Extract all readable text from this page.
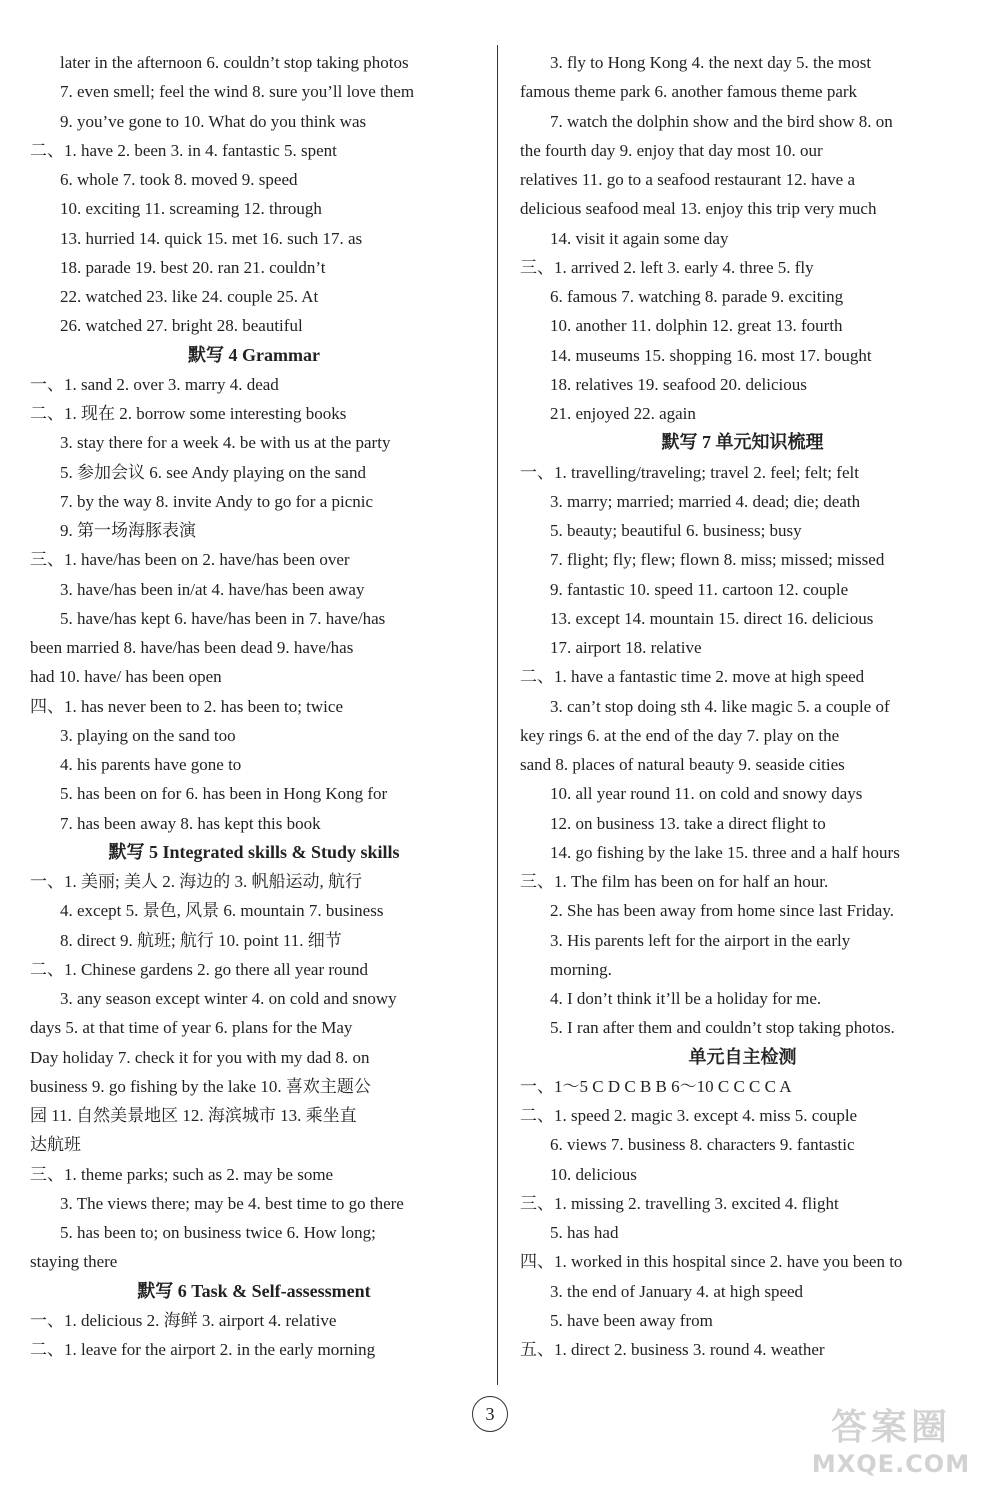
later in the afternoon 6. couldn’t stop taking photos
7. even smell; feel the wind 8. sure you’ll love them
9. you’ve gone to 10. What do you think was
二、1. have 2. been 3. in 4. fantastic 5. spent
6. whole 7. took 8. moved 9. speed
10. exciting 11. screaming 12. through
13. hurried 14. quick 15. met 16. such 17. as
18. parade 19. best 20. ran 21. couldn’t
22. watched 23. like 24. couple 25. At
26. watched 27. bright 28. beautiful
默写 4 Grammar
一、1. sand 2. over 3. marry 4. dead
二、1. 现在 2. borrow some interesting books
3. stay there for a week 4. be with us at the party
5. 参加会议 6. see Andy playing on the sand
7. by the way 8. invite Andy to go for a picnic
9. 第一场海豚表演
三、1. have/has been on 2. have/has been over
3. have/has been in/at 4. have/has been away
5. have/has kept 6. have/has been in 7. have/has
been married 8. have/has been dead 9. have/has
had 10. have/ has been open
四、1. has never been to 2. has been to; twice
3. playing on the sand too
4. his parents have gone to
5. has been on for 6. has been in Hong Kong for
7. has been away 8. has kept this book
默写 5 Integrated skills & Study skills
一、1. 美丽; 美人 2. 海边的 3. 帆船运动, 航行
4. except 5. 景色, 风景 6. mountain 7. business
8. direct 9. 航班; 航行 10. point 11. 细节
二、1. Chinese gardens 2. go there all year round
3. any season except winter 4. on cold and snowy
days 5. at that time of year 6. plans for the May
Day holiday 7. check it for you with my dad 8. on
business 9. go fishing by the lake 10. 喜欢主题公
园 11. 自然美景地区 12. 海滨城市 13. 乘坐直
达航班
三、1. theme parks; such as 2. may be some
3. The views there; may be 4. best time to go there
5. has been to; on business twice 6. How long;
staying there
默写 6 Task & Self-assessment
一、1. delicious 2. 海鲜 3. airport 4. relative
二、1. leave for the airport 2. in the early morning
3. fly to Hong Kong 4. the next day 5. the most
famous theme park 6. another famous theme park
7. watch the dolphin show and the bird show 8. on
the fourth day 9. enjoy that day most 10. our
relatives 11. go to a seafood restaurant 12. have a
delicious seafood meal 13. enjoy this trip very much
14. visit it again some day
三、1. arrived 2. left 3. early 4. three 5. fly
6. famous 7. watching 8. parade 9. exciting
10. another 11. dolphin 12. great 13. fourth
14. museums 15. shopping 16. most 17. bought
18. relatives 19. seafood 20. delicious
21. enjoyed 22. again
默写 7 单元知识梳理
一、1. travelling/traveling; travel 2. feel; felt; felt
3. marry; married; married 4. dead; die; death
5. beauty; beautiful 6. business; busy
7. flight; fly; flew; flown 8. miss; missed; missed
9. fantastic 10. speed 11. cartoon 12. couple
13. except 14. mountain 15. direct 16. delicious
17. airport 18. relative
二、1. have a fantastic time 2. move at high speed
3. can’t stop doing sth 4. like magic 5. a couple of
key rings 6. at the end of the day 7. play on the
sand 8. places of natural beauty 9. seaside cities
10. all year round 11. on cold and snowy days
12. on business 13. take a direct flight to
14. go fishing by the lake 15. three and a half hours
三、1. The film has been on for half an hour.
2. She has been away from home since last Friday.
3. His parents left for the airport in the early
morning.
4. I don’t think it’ll be a holiday for me.
5. I ran after them and couldn’t stop taking photos.
单元自主检测
一、1～5 C D C B B 6～10 C C C C A
二、1. speed 2. magic 3. except 4. miss 5. couple
6. views 7. business 8. characters 9. fantastic
10. delicious
三、1. missing 2. travelling 3. excited 4. flight
5. has had
四、1. worked in this hospital since 2. have you been to
3. the end of January 4. at high speed
5. have been away from
五、1. direct 2. business 3. round 4. weather
3	答案圈
MXQE.COM
